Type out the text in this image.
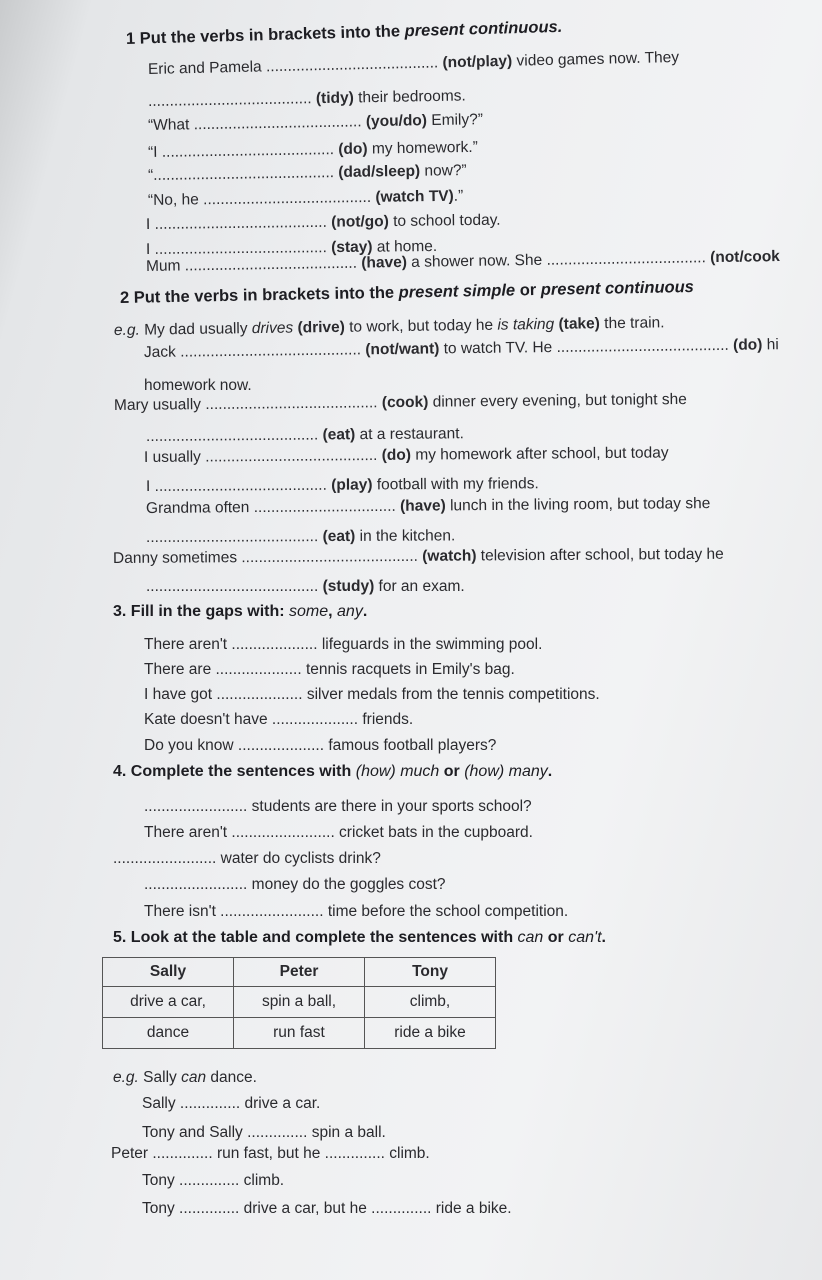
1 Put the verbs in brackets into the present continuous.
Eric and Pamela ........................................ (not/play) video games now. They
...................................... (tidy) their bedrooms.
“What ....................................... (you/do) Emily?”
“I ........................................ (do) my homework.”
“.......................................... (dad/sleep) now?”
“No, he ....................................... (watch TV).”
I ........................................ (not/go) to school today.
I ........................................ (stay) at home.
Mum ........................................ (have) a shower now. She ..................................... (not/cook
2 Put the verbs in brackets into the present simple or present continuous
e.g. My dad usually drives (drive) to work, but today he is taking (take) the train.
Jack .......................................... (not/want) to watch TV. He ........................................ (do) hi
homework now.
Mary usually ........................................ (cook) dinner every evening, but tonight she
........................................ (eat) at a restaurant.
I usually ........................................ (do) my homework after school, but today
I ........................................ (play) football with my friends.
Grandma often ................................. (have) lunch in the living room, but today she
........................................ (eat) in the kitchen.
Danny sometimes ......................................... (watch) television after school, but today he
........................................ (study) for an exam.
3. Fill in the gaps with: some, any.
There aren't .................... lifeguards in the swimming pool.
There are .................... tennis racquets in Emily's bag.
I have got .................... silver medals from the tennis competitions.
Kate doesn't have .................... friends.
Do you know .................... famous football players?
4. Complete the sentences with (how) much or (how) many.
........................ students are there in your sports school?
There aren't ........................ cricket bats in the cupboard.
........................ water do cyclists drink?
........................ money do the goggles cost?
There isn't ........................ time before the school competition.
5. Look at the table and complete the sentences with can or can't.
Sally	Peter	Tony
drive a car,	spin a ball,	climb,
dance	run fast	ride a bike
e.g. Sally can dance.
Sally .............. drive a car.
Tony and Sally .............. spin a ball.
Peter .............. run fast, but he .............. climb.
Tony .............. climb.
Tony .............. drive a car, but he .............. ride a bike.
